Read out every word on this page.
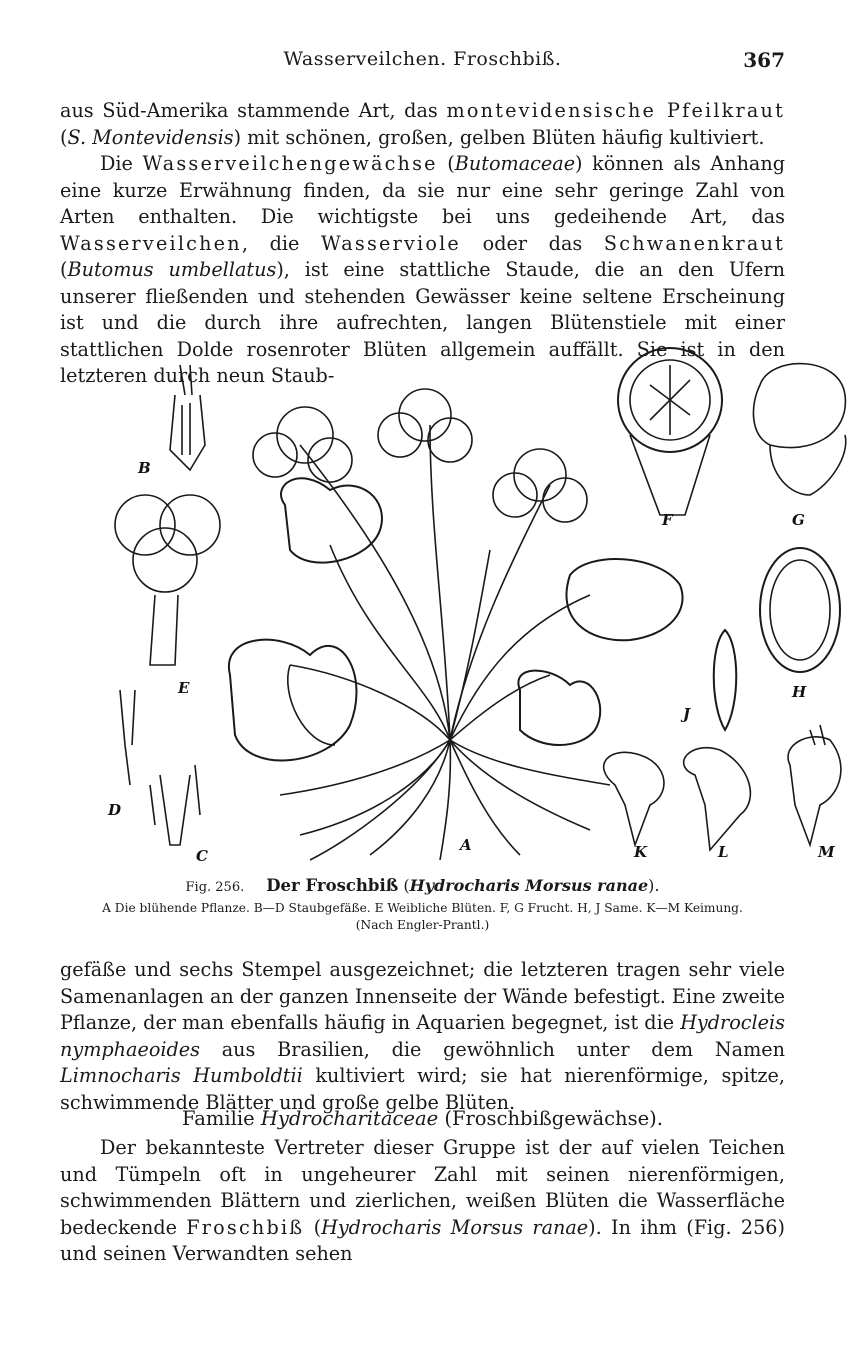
Wasserveilchen. Froschbiß.	367

aus Süd-Amerika stammende Art, das montevidensische Pfeilkraut (S. Montevidensis) mit schönen, großen, gelben Blüten häufig kultiviert.

Die Wasserveilchengewächse (Butomaceae) können als Anhang eine kurze Erwähnung finden, da sie nur eine sehr geringe Zahl von Arten enthalten. Die wichtigste bei uns gedeihende Art, das Wasserveilchen, die Wasserviole oder das Schwanenkraut (Butomus umbellatus), ist eine stattliche Staude, die an den Ufern unserer fließenden und stehenden Gewässer keine seltene Erscheinung ist und die durch ihre aufrechten, langen Blütenstiele mit einer stattlichen Dolde rosenroter Blüten allgemein auffällt. Sie ist in den letzteren durch neun Staub-

A
B
C
D
E
F	G
H
J
K	L	M
Fig. 256. Der Froschbiß (Hydrocharis Morsus ranae).
A Die blühende Pflanze. B—D Staubgefäße. E Weibliche Blüten. F, G Frucht. H, J Same. K—M Keimung.
(Nach Engler-Prantl.)

gefäße und sechs Stempel ausgezeichnet; die letzteren tragen sehr viele Samenanlagen an der ganzen Innenseite der Wände befestigt. Eine zweite Pflanze, der man ebenfalls häufig in Aquarien begegnet, ist die Hydrocleis nymphaeoides aus Brasilien, die gewöhnlich unter dem Namen Limnocharis Humboldtii kultiviert wird; sie hat nierenförmige, spitze, schwimmende Blätter und große gelbe Blüten.

Familie Hydrocharitaceae (Froschbißgewächse).

Der bekannteste Vertreter dieser Gruppe ist der auf vielen Teichen und Tümpeln oft in ungeheurer Zahl mit seinen nierenförmigen, schwimmenden Blättern und zierlichen, weißen Blüten die Wasserfläche bedeckende Froschbiß (Hydrocharis Morsus ranae). In ihm (Fig. 256) und seinen Verwandten sehen
